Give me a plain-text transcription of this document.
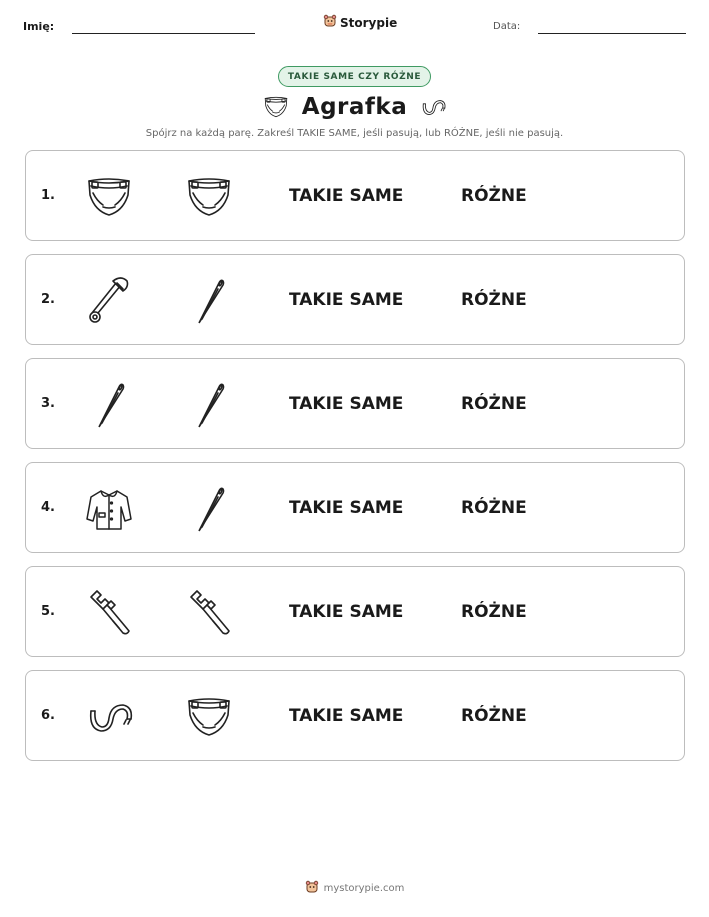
Imię:	Storypie	Data:
TAKIE SAME CZY RÓŻNE
Agrafka
Spójrz na każdą parę. Zakreśl TAKIE SAME, jeśli pasują, lub RÓŻNE, jeśli nie pasują.
1.	TAKIE SAME	RÓŻNE
2.	TAKIE SAME	RÓŻNE
3.	TAKIE SAME	RÓŻNE
4.	TAKIE SAME	RÓŻNE
5.	TAKIE SAME	RÓŻNE
6.	TAKIE SAME	RÓŻNE
mystorypie.com
